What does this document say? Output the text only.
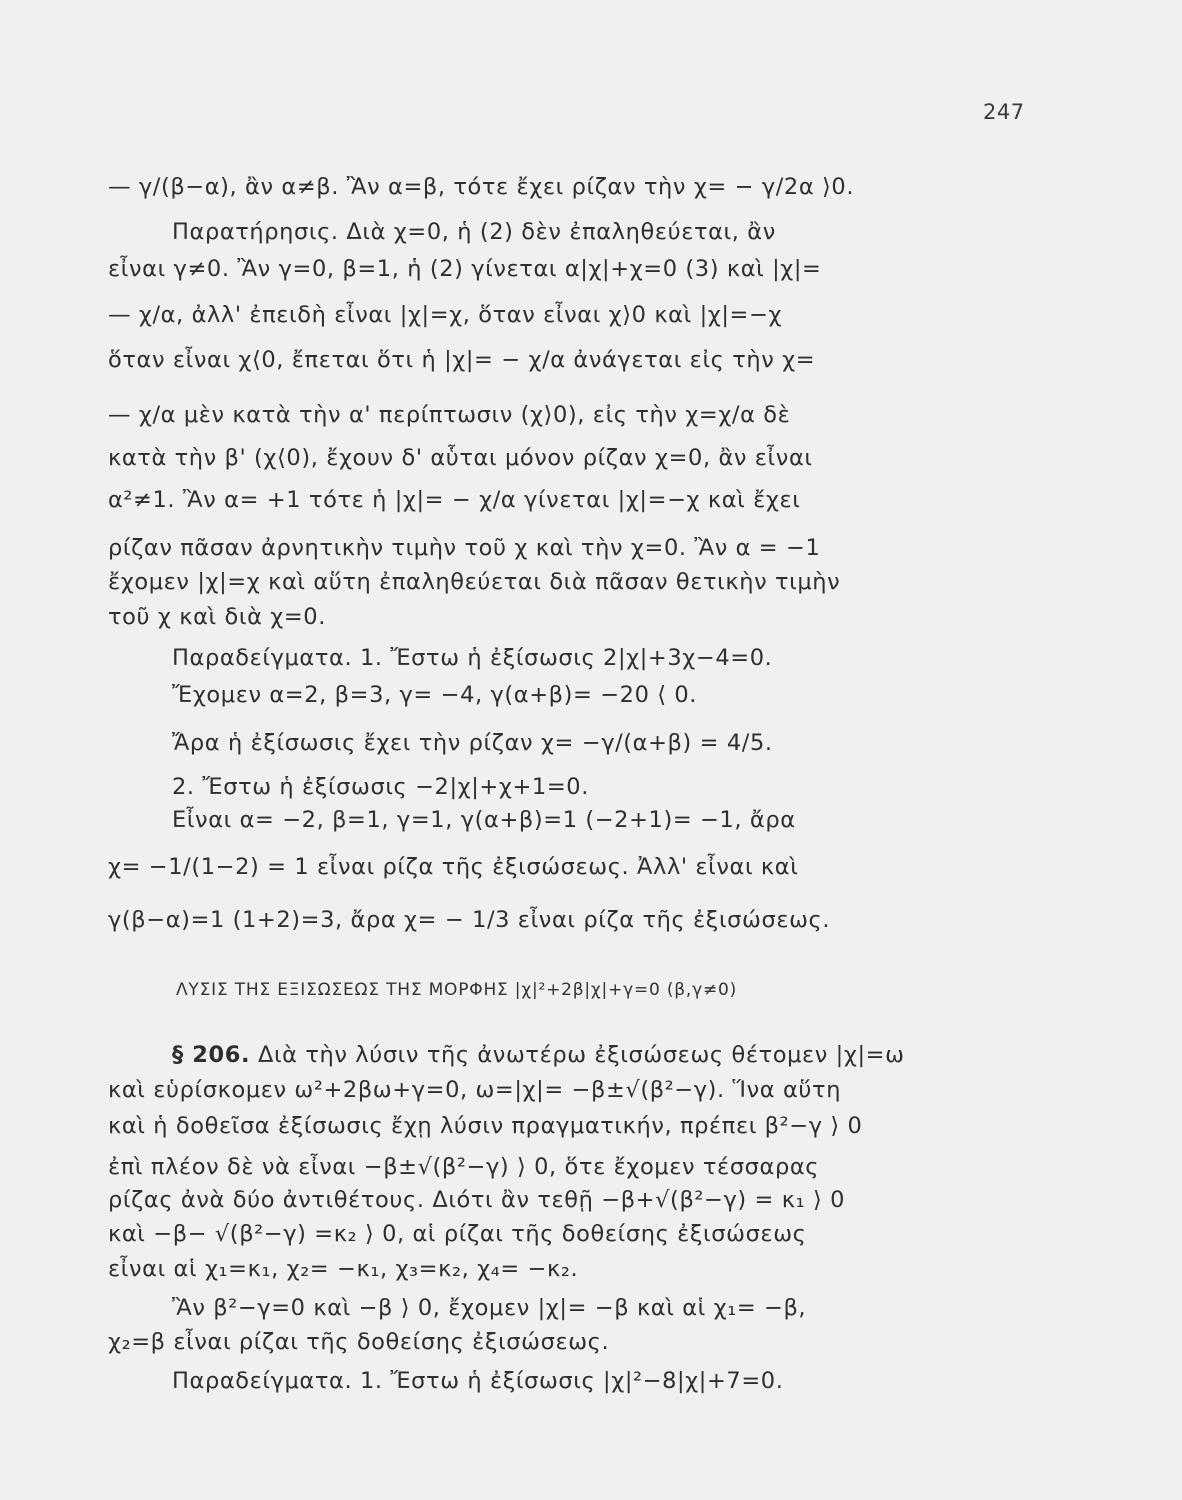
247
— γ/(β−α), ἂν α≠β. Ἂν α=β, τότε ἔχει ρίζαν τὴν χ= − γ/2α ⟩0.
Παρατήρησις. Διὰ χ=0, ἡ (2) δὲν ἐπαληθεύεται, ἂν
εἶναι γ≠0. Ἂν γ=0, β=1, ἡ (2) γίνεται α|χ|+χ=0 (3) καὶ |χ|=
— χ/α, ἀλλ' ἐπειδὴ εἶναι |χ|=χ, ὅταν εἶναι χ⟩0 καὶ |χ|=−χ
ὅταν εἶναι χ⟨0, ἔπεται ὅτι ἡ |χ|= − χ/α ἀνάγεται εἰς τὴν χ=
— χ/α μὲν κατὰ τὴν α' περίπτωσιν (χ⟩0), εἰς τὴν χ=χ/α δὲ
κατὰ τὴν β' (χ⟨0), ἔχουν δ' αὗται μόνον ρίζαν χ=0, ἂν εἶναι
α²≠1. Ἂν α= +1 τότε ἡ |χ|= − χ/α γίνεται |χ|=−χ καὶ ἔχει
ρίζαν πᾶσαν ἀρνητικὴν τιμὴν τοῦ χ καὶ τὴν χ=0. Ἂν α = −1
ἔχομεν |χ|=χ καὶ αὕτη ἐπαληθεύεται διὰ πᾶσαν θετικὴν τιμὴν
τοῦ χ καὶ διὰ χ=0.
Παραδείγματα. 1. Ἔστω ἡ ἐξίσωσις 2|χ|+3χ−4=0.
Ἔχομεν α=2, β=3, γ= −4, γ(α+β)= −20 ⟨ 0.
Ἄρα ἡ ἐξίσωσις ἔχει τὴν ρίζαν χ= −γ/(α+β) = 4/5.
2. Ἔστω ἡ ἐξίσωσις −2|χ|+χ+1=0.
Εἶναι α= −2, β=1, γ=1, γ(α+β)=1 (−2+1)= −1, ἄρα
χ= −1/(1−2) = 1 εἶναι ρίζα τῆς ἐξισώσεως. Ἀλλ' εἶναι καὶ
γ(β−α)=1 (1+2)=3, ἄρα χ= − 1/3 εἶναι ρίζα τῆς ἐξισώσεως.
ΛΥΣΙΣ ΤΗΣ ΕΞΙΣΩΣΕΩΣ ΤΗΣ ΜΟΡΦΗΣ |χ|²+2β|χ|+γ=0 (β,γ≠0)
§ 206. Διὰ τὴν λύσιν τῆς ἀνωτέρω ἐξισώσεως θέτομεν |χ|=ω
καὶ εὑρίσκομεν ω²+2βω+γ=0, ω=|χ|= −β±√(β²−γ). Ἵνα αὕτη
καὶ ἡ δοθεῖσα ἐξίσωσις ἔχῃ λύσιν πραγματικήν, πρέπει β²−γ ⟩ 0
ἐπὶ πλέον δὲ νὰ εἶναι −β±√(β²−γ) ⟩ 0, ὅτε ἔχομεν τέσσαρας
ρίζας ἀνὰ δύο ἀντιθέτους. Διότι ἂν τεθῇ −β+√(β²−γ) = κ₁ ⟩ 0
καὶ −β− √(β²−γ) =κ₂ ⟩ 0, αἱ ρίζαι τῆς δοθείσης ἐξισώσεως
εἶναι αἱ χ₁=κ₁, χ₂= −κ₁, χ₃=κ₂, χ₄= −κ₂.
Ἂν β²−γ=0 καὶ −β ⟩ 0, ἔχομεν |χ|= −β καὶ αἱ χ₁= −β,
χ₂=β εἶναι ρίζαι τῆς δοθείσης ἐξισώσεως.
Παραδείγματα. 1. Ἔστω ἡ ἐξίσωσις |χ|²−8|χ|+7=0.
